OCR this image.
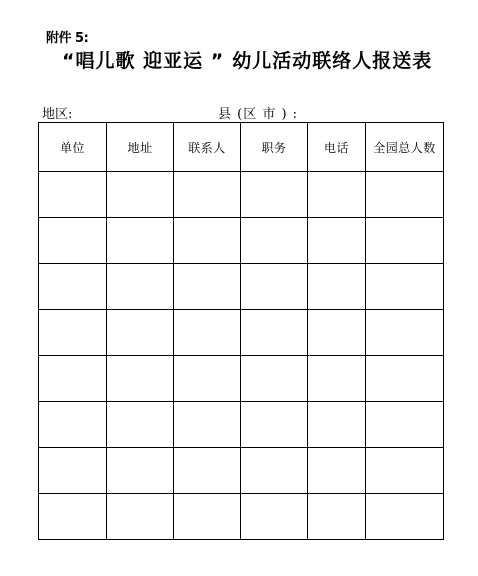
附件 5:
“唱儿歌 迎亚运 ” 幼儿活动联络人报送表
地区:	县 (区 市 ) :
单位	地址	联系人	职务	电话	全园总人数
